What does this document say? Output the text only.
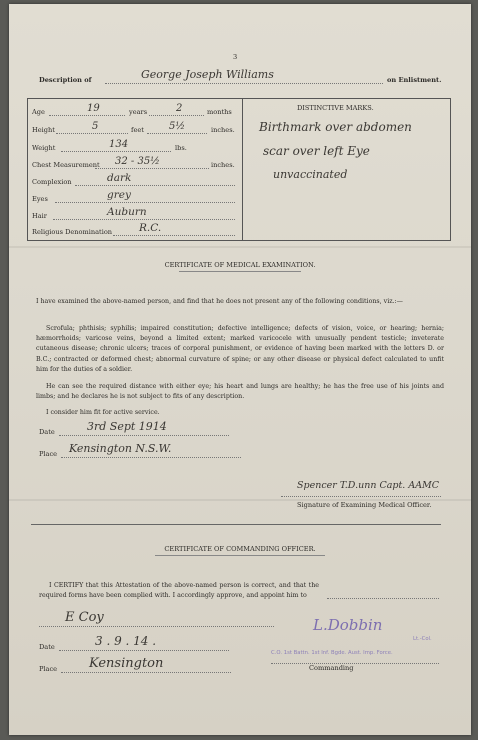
3
Description of	George Joseph Williams	on Enlistment.
Age	19	years	2	months
Height	5	feet	5½	inches.
Weight	134	lbs.
Chest Measurement 32 - 35½	inches.
Complexion	dark
Eyes	grey
Hair	Auburn
Religious Denomination	R.C.
DISTINCTIVE MARKS.
Birthmark over abdomen
scar over left Eye
unvaccinated
CERTIFICATE OF MEDICAL EXAMINATION.
I have examined the above-named person, and find that he does not present any of the following conditions, viz.:—
Scrofula; phthisis; syphilis; impaired constitution; defective intelligence; defects of vision, voice, or hearing; hernia; hæmorrhoids; varicose veins, beyond a limited extent; marked varicocele with unusually pendent testicle; inveterate cutaneous disease; chronic ulcers; traces of corporal punishment, or evidence of having been marked with the letters D. or B.C.; contracted or deformed chest; abnormal curvature of spine; or any other disease or physical defect calculated to unfit him for the duties of a soldier.
He can see the required distance with either eye; his heart and lungs are healthy; he has the free use of his joints and limbs; and he declares he is not subject to fits of any description.
I consider him fit for active service.
Date	3rd Sept 1914
Place Kensington N.S.W.
Spencer T.D.unn Capt. AAMC
Signature of Examining Medical Officer.
CERTIFICATE OF COMMANDING OFFICER.
I CERTIFY that this Attestation of the above-named person is correct, and that the required forms have been complied with. I accordingly approve, and appoint him to
E Coy
Date	3 . 9 . 14 .
Place Kensington
L.Dobbin
Lt.-Col.
C.O. 1st Battn. 1st Inf. Bgde. Aust. Imp. Force.
Commanding
